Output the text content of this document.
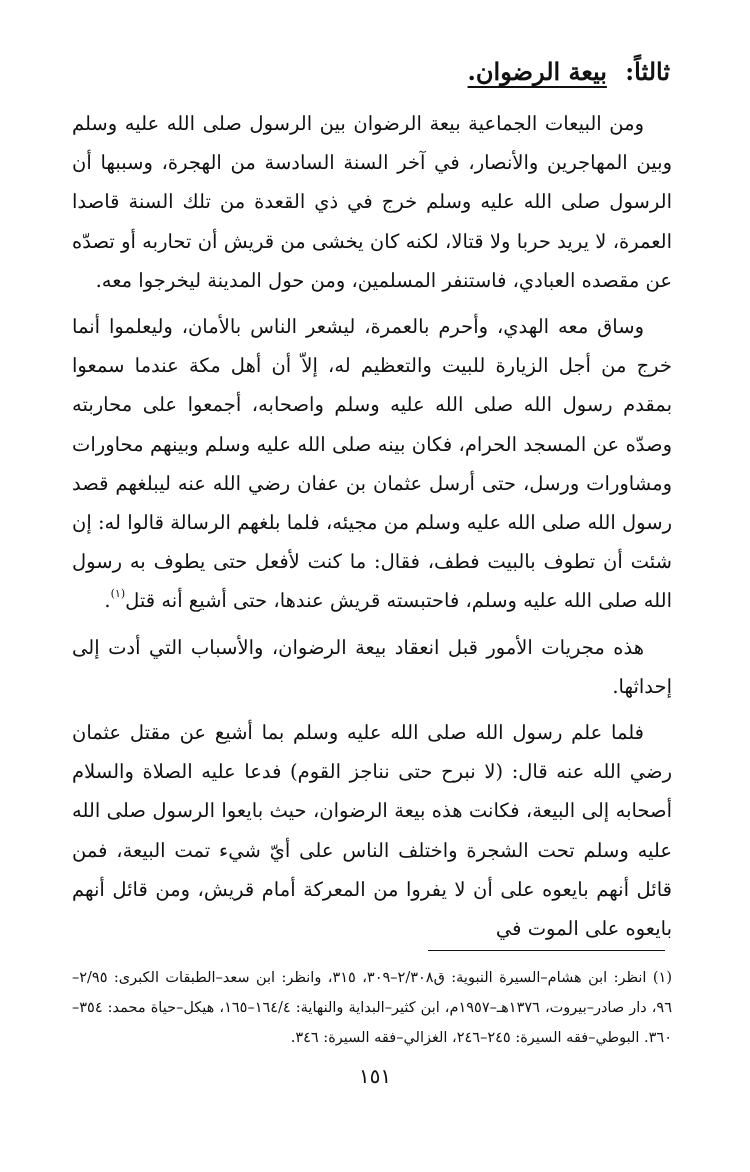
ثالثاً: بيعة الرضوان.

ومن البيعات الجماعية بيعة الرضوان بين الرسول صلى الله عليه وسلم وبين المهاجرين والأنصار، في آخر السنة السادسة من الهجرة، وسببها أن الرسول صلى الله عليه وسلم خرج في ذي القعدة من تلك السنة قاصدا العمرة، لا يريد حربا ولا قتالا، لكنه كان يخشى من قريش أن تحاربه أو تصدّه عن مقصده العبادي، فاستنفر المسلمين، ومن حول المدينة ليخرجوا معه.

وساق معه الهدي، وأحرم بالعمرة، ليشعر الناس بالأمان، وليعلموا أنما خرج من أجل الزيارة للبيت والتعظيم له، إلاّ أن أهل مكة عندما سمعوا بمقدم رسول الله صلى الله عليه وسلم واصحابه، أجمعوا على محاربته وصدّه عن المسجد الحرام، فكان بينه صلى الله عليه وسلم وبينهم محاورات ومشاورات ورسل، حتى أرسل عثمان بن عفان رضي الله عنه ليبلغهم قصد رسول الله صلى الله عليه وسلم من مجيئه، فلما بلغهم الرسالة قالوا له: إن شئت أن تطوف بالبيت فطف، فقال: ما كنت لأفعل حتى يطوف به رسول الله صلى الله عليه وسلم، فاحتبسته قريش عندها، حتى أشيع أنه قتل$^{(١)}$.

هذه مجريات الأمور قبل انعقاد بيعة الرضوان، والأسباب التي أدت إلى إحداثها.

فلما علم رسول الله صلى الله عليه وسلم بما أشيع عن مقتل عثمان رضي الله عنه قال: (لا نبرح حتى نناجز القوم) فدعا عليه الصلاة والسلام أصحابه إلى البيعة، فكانت هذه بيعة الرضوان، حيث بايعوا الرسول صلى الله عليه وسلم تحت الشجرة واختلف الناس على أيّ شيء تمت البيعة، فمن قائل أنهم بايعوه على أن لا يفروا من المعركة أمام قريش، ومن قائل أنهم بايعوه على الموت في

(١) انظر: ابن هشام–السيرة النبوية: ق٢/٣٠٨–٣٠٩، ٣١٥، وانظر: ابن سعد–الطبقات الكبرى: ٢/٩٥–٩٦، دار صادر–بيروت، ١٣٧٦هـ–١٩٥٧م، ابن كثير–البداية والنهاية: ١٦٤/٤–١٦٥، هيكل–حياة محمد: ٣٥٤–٣٦٠. البوطي–فقه السيرة: ٢٤٥–٢٤٦، الغزالي–فقه السيرة: ٣٤٦.

١٥١
